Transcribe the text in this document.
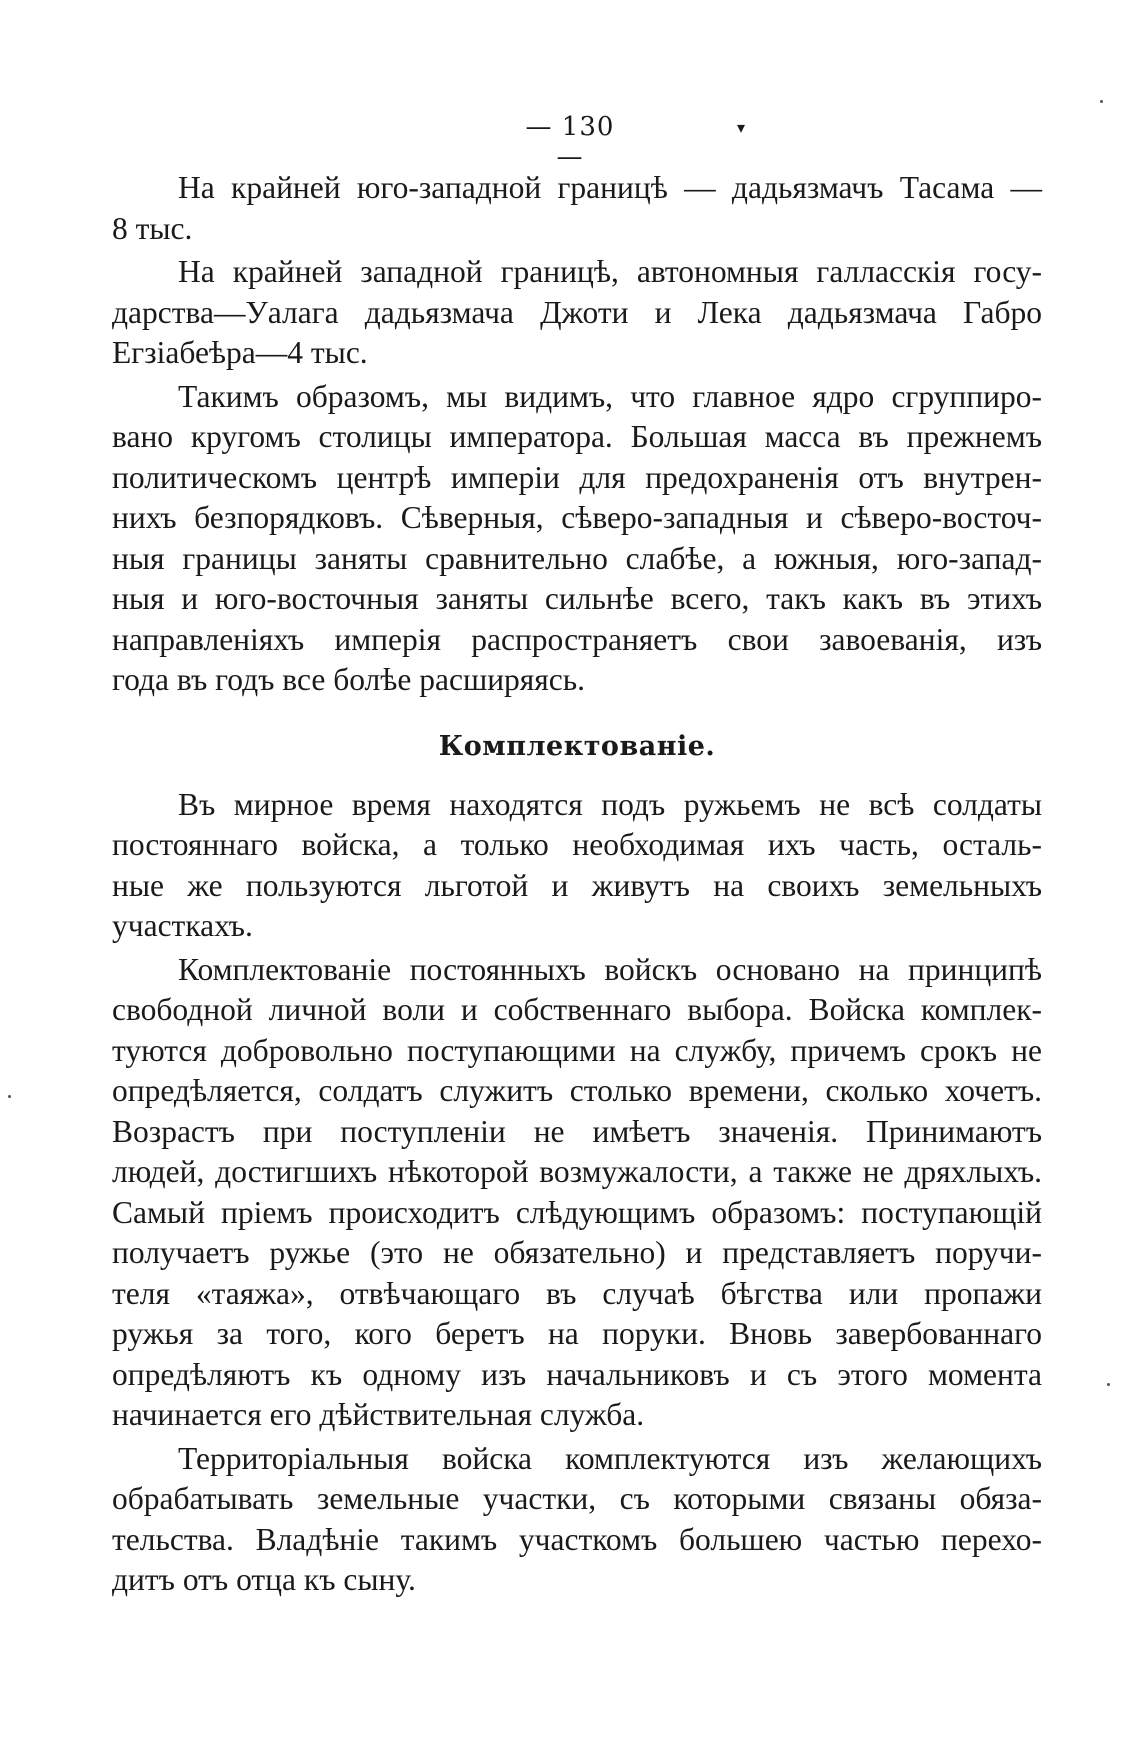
— 130 —
▾
На крайней юго-западной границѣ — дадьязмачъ Тасама —
8 тыс.
На крайней западной границѣ, автономныя галласскія госу-
дарства—Уалага дадьязмача Джоти и Лека дадьязмача Габро
Егзіабеѣра—4 тыс.
Такимъ образомъ, мы видимъ, что главное ядро сгруппиро-
вано кругомъ столицы императора. Большая масса въ прежнемъ
политическомъ центрѣ имперіи для предохраненія отъ внутрен-
нихъ безпорядковъ. Сѣверныя, сѣверо-западныя и сѣверо-восточ-
ныя границы заняты сравнительно слабѣе, а южныя, юго-запад-
ныя и юго-восточныя заняты сильнѣе всего, такъ какъ въ этихъ
направленіяхъ имперія распространяетъ свои завоеванія, изъ
года въ годъ все болѣе расширяясь.
Комплектованіе.
Въ мирное время находятся подъ ружьемъ не всѣ солдаты
постояннаго войска, а только необходимая ихъ часть, осталь-
ные же пользуются льготой и живутъ на своихъ земельныхъ
участкахъ.
Комплектованіе постоянныхъ войскъ основано на принципѣ
свободной личной воли и собственнаго выбора. Войска комплек-
туются добровольно поступающими на службу, причемъ срокъ не
опредѣляется, солдатъ служитъ столько времени, сколько хочетъ.
Возрастъ при поступленіи не имѣетъ значенія. Принимаютъ
людей, достигшихъ нѣкоторой возмужалости, а также не дряхлыхъ.
Самый пріемъ происходитъ слѣдующимъ образомъ: поступающій
получаетъ ружье (это не обязательно) и представляетъ поручи-
теля «таяжа», отвѣчающаго въ случаѣ бѣгства или пропажи
ружья за того, кого беретъ на поруки. Вновь завербованнаго
опредѣляютъ къ одному изъ начальниковъ и съ этого момента
начинается его дѣйствительная служба.
Территоріальныя войска комплектуются изъ желающихъ
обрабатывать земельные участки, съ которыми связаны обяза-
тельства. Владѣніе такимъ участкомъ большею частью перехо-
дитъ отъ отца къ сыну.
